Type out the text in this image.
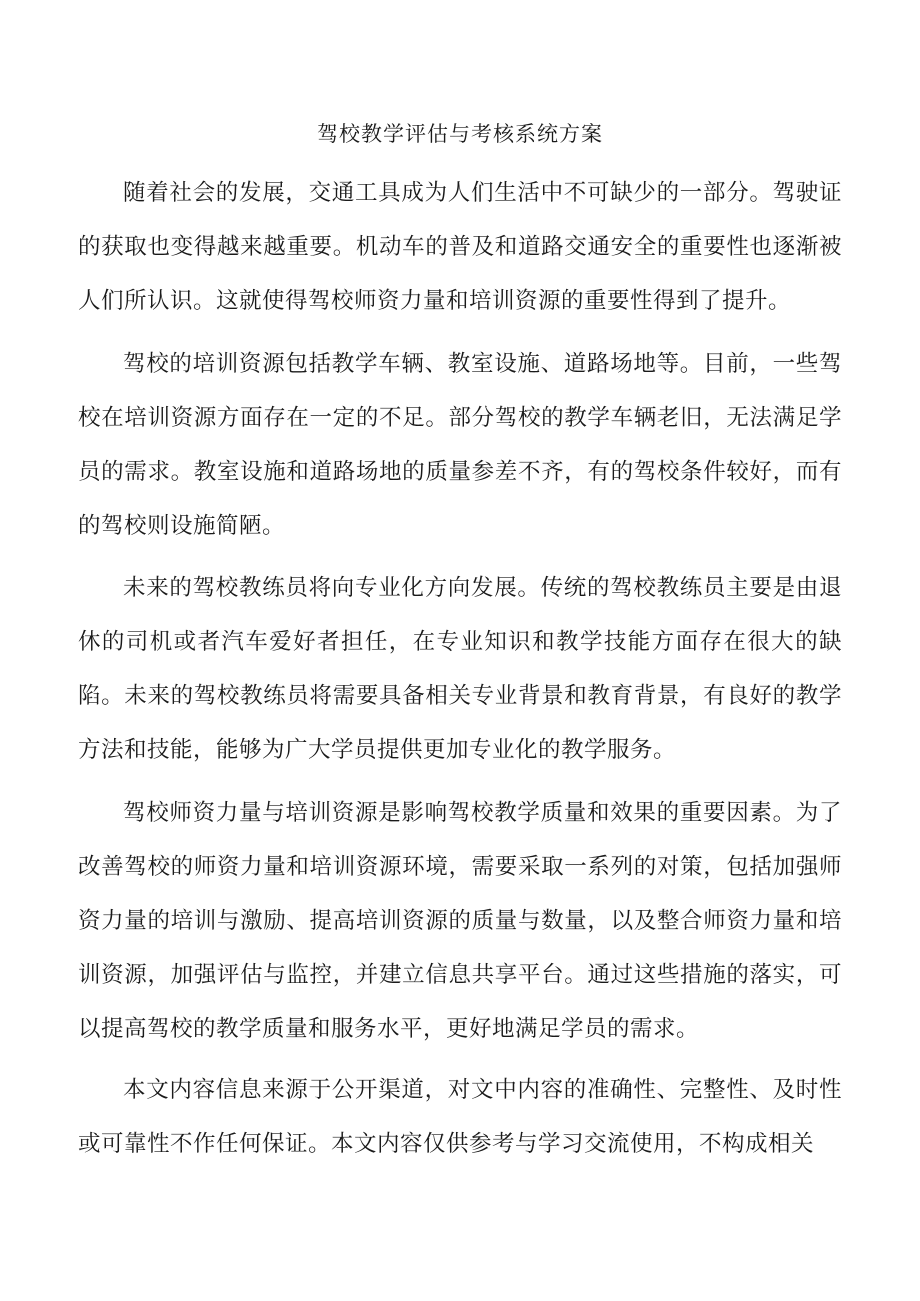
驾校教学评估与考核系统方案

随着社会的发展，交通工具成为人们生活中不可缺少的一部分。驾驶证的获取也变得越来越重要。机动车的普及和道路交通安全的重要性也逐渐被人们所认识。这就使得驾校师资力量和培训资源的重要性得到了提升。

驾校的培训资源包括教学车辆、教室设施、道路场地等。目前，一些驾校在培训资源方面存在一定的不足。部分驾校的教学车辆老旧，无法满足学员的需求。教室设施和道路场地的质量参差不齐，有的驾校条件较好，而有的驾校则设施简陋。

未来的驾校教练员将向专业化方向发展。传统的驾校教练员主要是由退休的司机或者汽车爱好者担任，在专业知识和教学技能方面存在很大的缺陷。未来的驾校教练员将需要具备相关专业背景和教育背景，有良好的教学方法和技能，能够为广大学员提供更加专业化的教学服务。

驾校师资力量与培训资源是影响驾校教学质量和效果的重要因素。为了改善驾校的师资力量和培训资源环境，需要采取一系列的对策，包括加强师资力量的培训与激励、提高培训资源的质量与数量，以及整合师资力量和培训资源，加强评估与监控，并建立信息共享平台。通过这些措施的落实，可以提高驾校的教学质量和服务水平，更好地满足学员的需求。

本文内容信息来源于公开渠道，对文中内容的准确性、完整性、及时性或可靠性不作任何保证。本文内容仅供参考与学习交流使用，不构成相关
